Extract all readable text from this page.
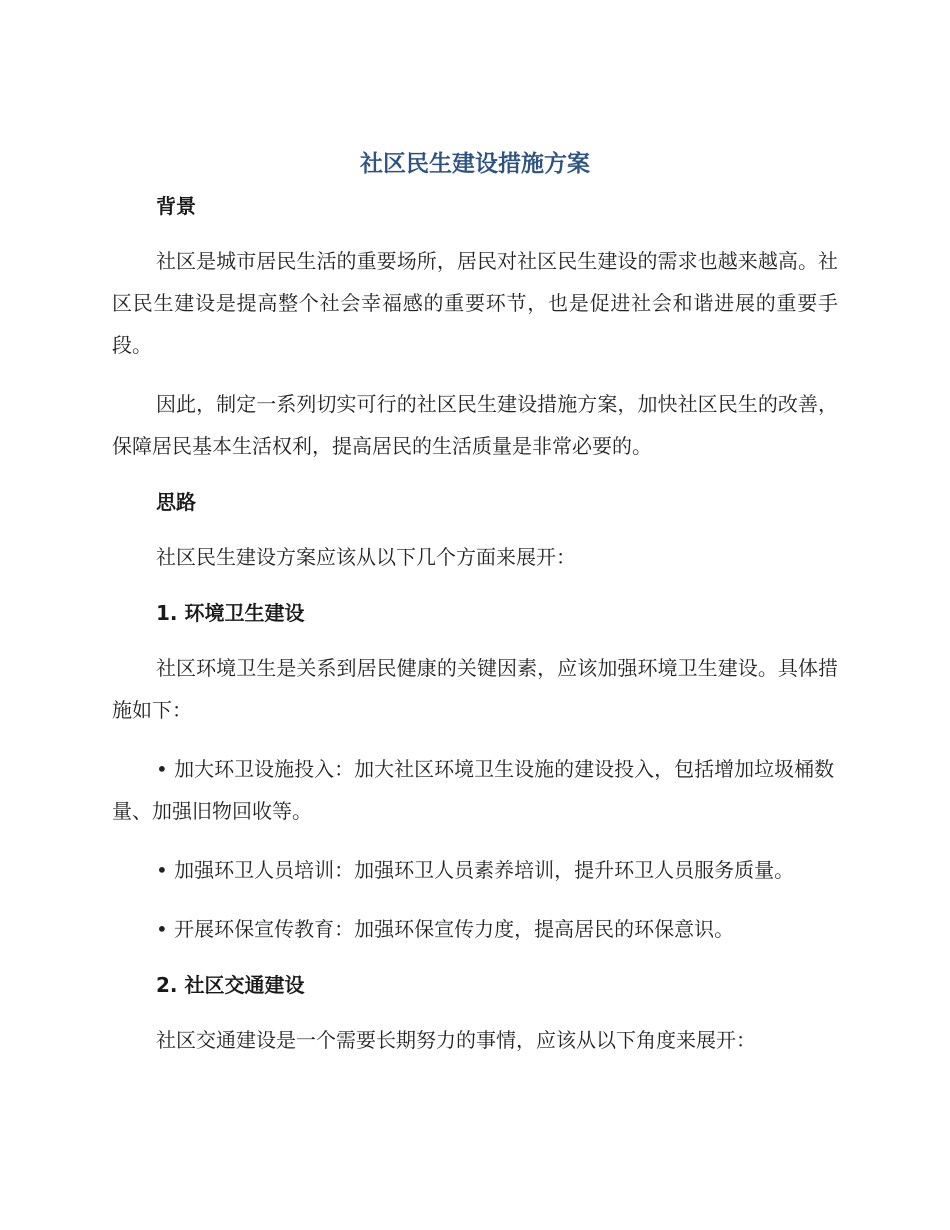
社区民生建设措施方案
背景

社区是城市居民生活的重要场所，居民对社区民生建设的需求也越来越高。社区民生建设是提高整个社会幸福感的重要环节，也是促进社会和谐进展的重要手段。

因此，制定一系列切实可行的社区民生建设措施方案，加快社区民生的改善，保障居民基本生活权利，提高居民的生活质量是非常必要的。

思路

社区民生建设方案应该从以下几个方面来展开：

1. 环境卫生建设

社区环境卫生是关系到居民健康的关键因素，应该加强环境卫生建设。具体措施如下：

• 加大环卫设施投入：加大社区环境卫生设施的建设投入，包括增加垃圾桶数量、加强旧物回收等。

• 加强环卫人员培训：加强环卫人员素养培训，提升环卫人员服务质量。

• 开展环保宣传教育：加强环保宣传力度，提高居民的环保意识。

2. 社区交通建设

社区交通建设是一个需要长期努力的事情，应该从以下角度来展开：
